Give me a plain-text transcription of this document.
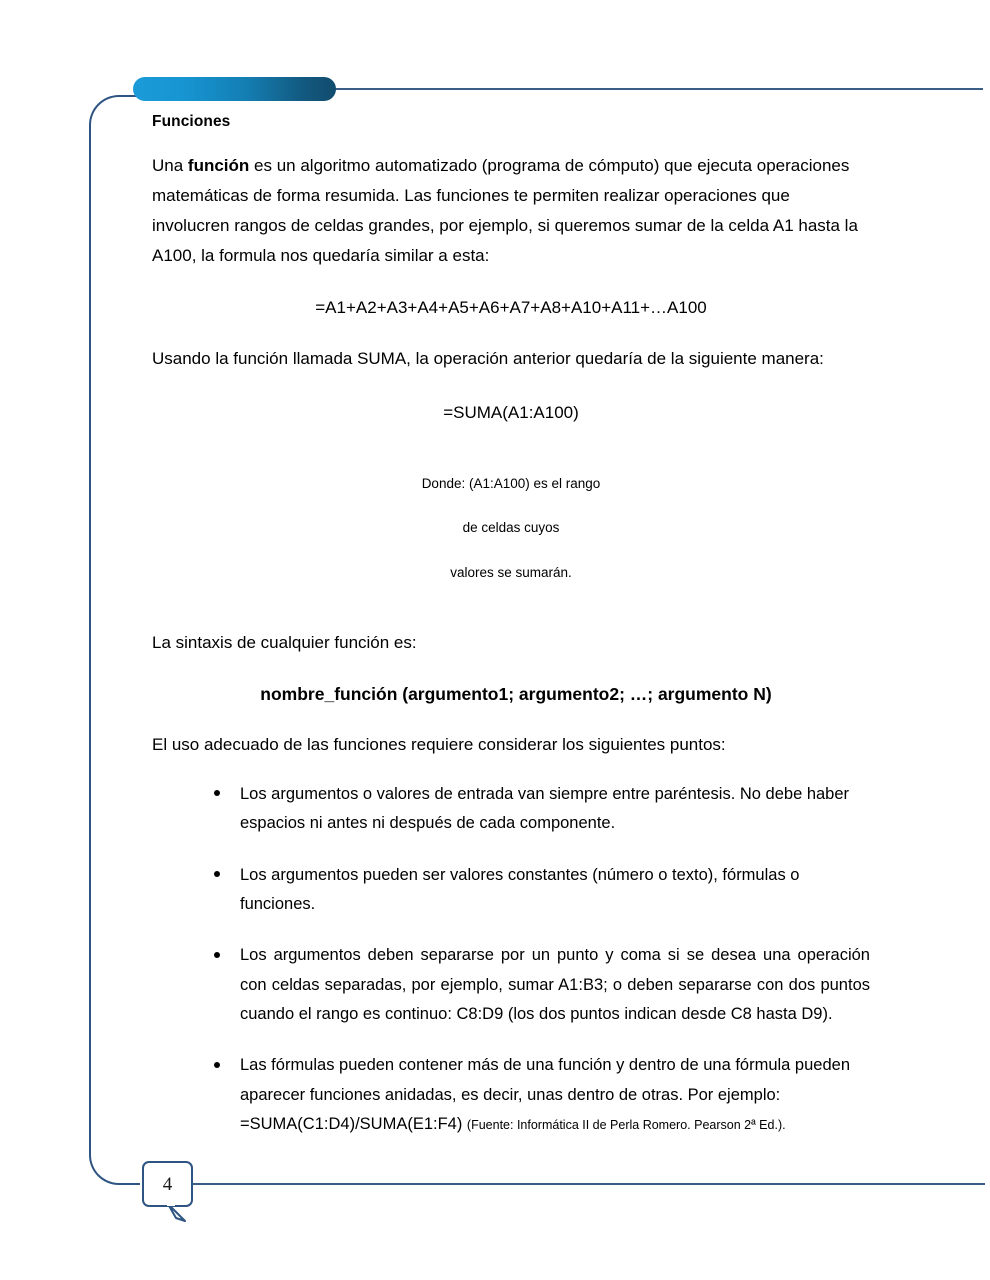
4
Funciones

Una función es un algoritmo automatizado (programa de cómputo) que ejecuta operaciones matemáticas de forma resumida. Las funciones te permiten realizar operaciones que involucren rangos de celdas grandes, por ejemplo, si queremos sumar de la celda A1 hasta la A100, la formula nos quedaría similar a esta:

=A1+A2+A3+A4+A5+A6+A7+A8+A10+A11+…A100

Usando la función llamada SUMA, la operación anterior quedaría de la siguiente manera:

=SUMA(A1:A100)

Donde: (A1:A100) es el rango

de celdas cuyos

valores se sumarán.

La sintaxis de cualquier función es:

nombre_función (argumento1; argumento2; …; argumento N)

El uso adecuado de las funciones requiere considerar los siguientes puntos:

Los argumentos o valores de entrada van siempre entre paréntesis. No debe haber espacios ni antes ni después de cada componente.
Los argumentos pueden ser valores constantes (número o texto), fórmulas o funciones.
Los argumentos deben separarse por un punto y coma si se desea una operación con celdas separadas, por ejemplo, sumar A1:B3; o deben separarse con dos puntos cuando el rango es continuo: C8:D9 (los dos puntos indican desde C8 hasta D9).
Las fórmulas pueden contener más de una función y dentro de una fórmula pueden aparecer funciones anidadas, es decir, unas dentro de otras. Por ejemplo: =SUMA(C1:D4)/SUMA(E1:F4) (Fuente: Informática II de Perla Romero. Pearson 2ª Ed.).
